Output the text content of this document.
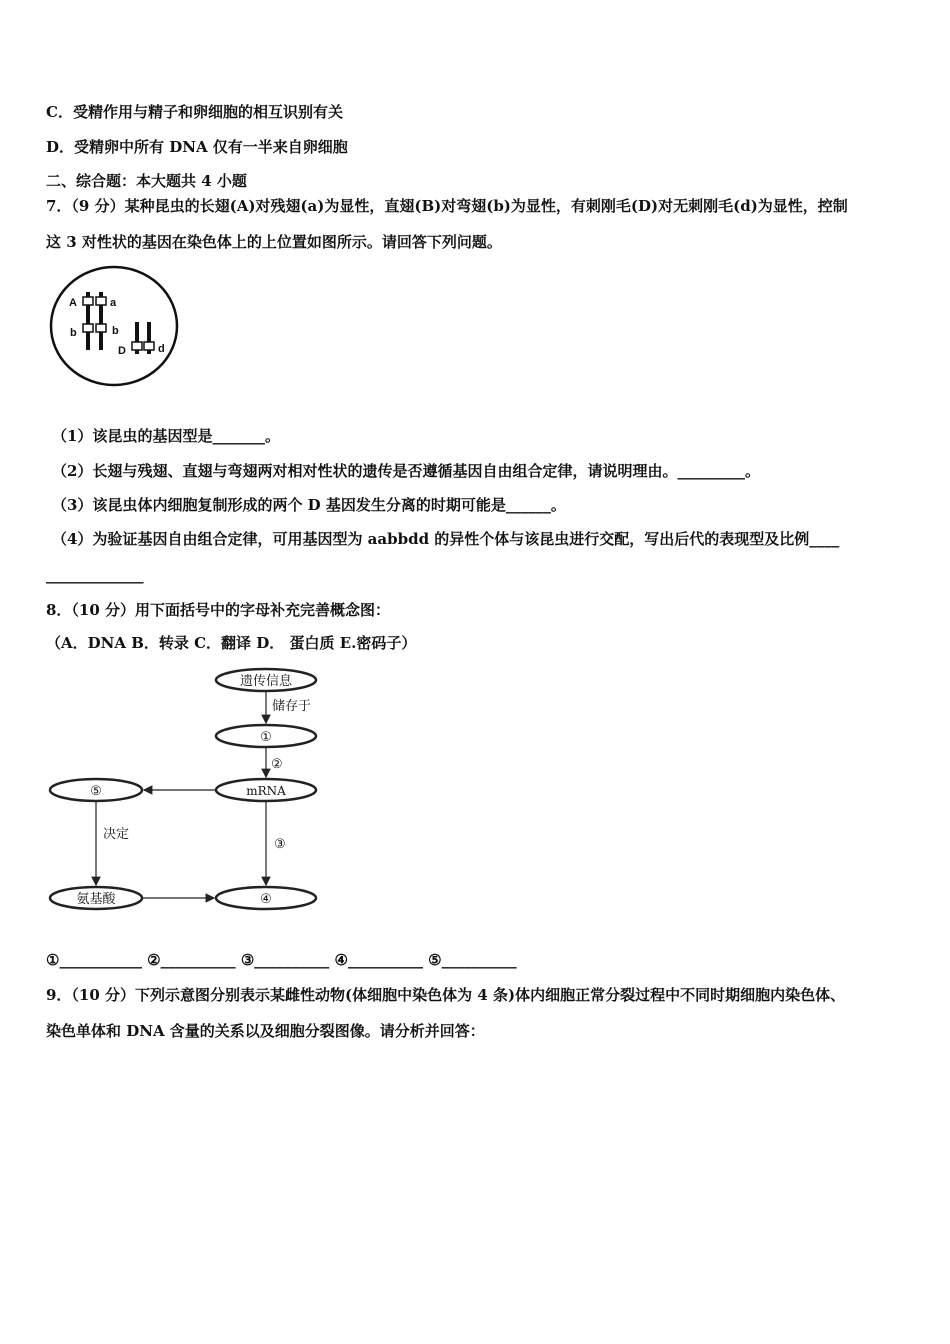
C．受精作用与精子和卵细胞的相互识别有关
D．受精卵中所有 DNA 仅有一半来自卵细胞
二、综合题：本大题共 4 小题
7．（9 分）某种昆虫的长翅(A)对残翅(a)为显性，直翅(B)对弯翅(b)为显性，有刺刚毛(D)对无刺刚毛(d)为显性，控制
这 3 对性状的基因在染色体上的上位置如图所示。请回答下列问题。
A	a
b	b
D	d
（1）该昆虫的基因型是_______。
（2）长翅与残翅、直翅与弯翅两对相对性状的遗传是否遵循基因自由组合定律，请说明理由。_________。
（3）该昆虫体内细胞复制形成的两个 D 基因发生分离的时期可能是______。
（4）为验证基因自由组合定律，可用基因型为 aabbdd 的异性个体与该昆虫进行交配，写出后代的表现型及比例____
_____________
8．（10 分）用下面括号中的字母补充完善概念图：
（A．DNA B．转录 C．翻译 D． 蛋白质 E.密码子）
遗传信息
①
mRNA
⑤
氨基酸	④
储存于
②
③
决定
①___________ ②__________ ③__________ ④__________ ⑤__________
9．（10 分）下列示意图分别表示某雌性动物(体细胞中染色体为 4 条)体内细胞正常分裂过程中不同时期细胞内染色体、
染色单体和 DNA 含量的关系以及细胞分裂图像。请分析并回答：
